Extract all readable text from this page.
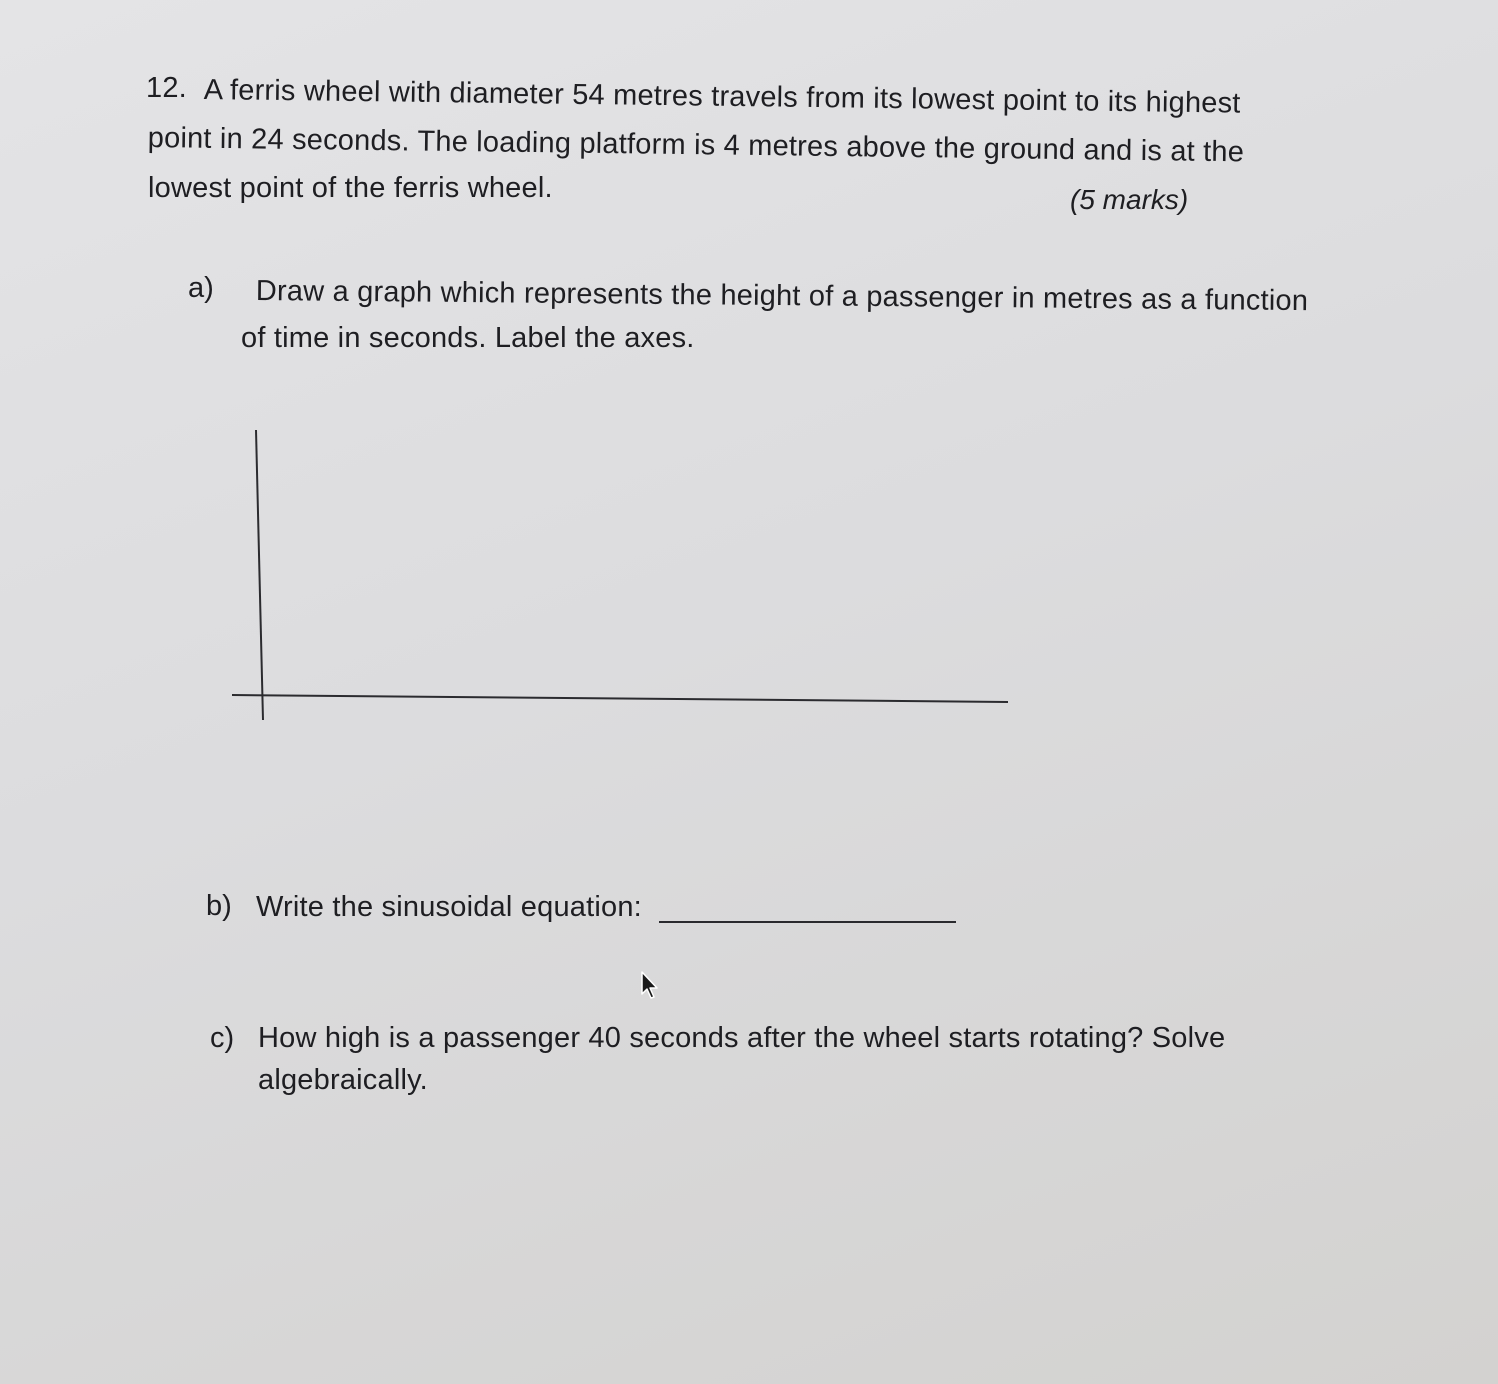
12. A ferris wheel with diameter 54 metres travels from its lowest point to its highest
point in 24 seconds. The loading platform is 4 metres above the ground and is at the
lowest point of the ferris wheel.	(5 marks)
a) Draw a graph which represents the height of a passenger in metres as a function
of time in seconds. Label the axes.
b) Write the sinusoidal equation:
c) How high is a passenger 40 seconds after the wheel starts rotating? Solve
algebraically.
